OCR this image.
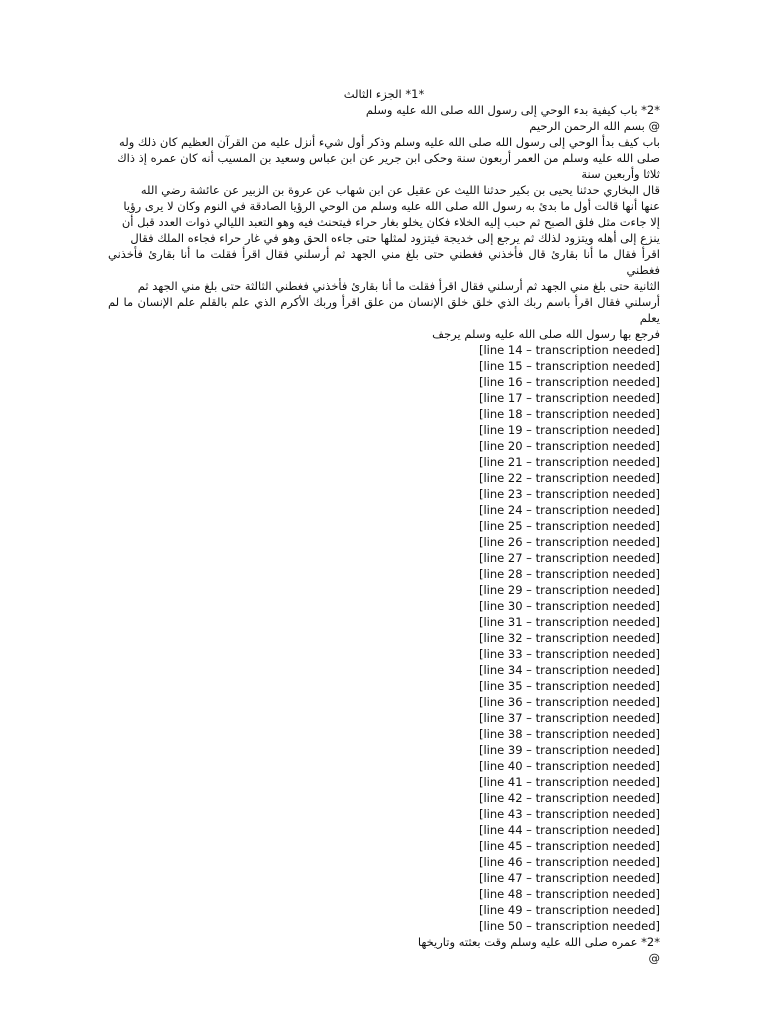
*1* الجزء الثالث
*2* باب كيفية بدء الوحي إلى رسول الله صلى الله عليه وسلم
@ بسم الله الرحمن الرحيم
باب كيف بدأ الوحي إلى رسول الله صلى الله عليه وسلم وذكر أول شيء أنزل عليه من القرآن العظيم كان ذلك وله
صلى الله عليه وسلم من العمر أربعون سنة وحكى ابن جرير عن ابن عباس وسعيد بن المسيب أنه كان عمره إذ ذاك
ثلاثا وأربعين سنة
قال البخاري حدثنا يحيى بن بكير حدثنا الليث عن عقيل عن ابن شهاب عن عروة بن الزبير عن عائشة رضي الله
عنها أنها قالت أول ما بدئ به رسول الله صلى الله عليه وسلم من الوحي الرؤيا الصادقة في النوم وكان لا يرى رؤيا
إلا جاءت مثل فلق الصبح ثم حبب إليه الخلاء فكان يخلو بغار حراء فيتحنث فيه وهو التعبد الليالي ذوات العدد قبل أن
ينزع إلى أهله ويتزود لذلك ثم يرجع إلى خديجة فيتزود لمثلها حتى جاءه الحق وهو في غار حراء فجاءه الملك فقال
اقرأ فقال ما أنا بقارئ قال فأخذني فغطني حتى بلغ مني الجهد ثم أرسلني فقال اقرأ فقلت ما أنا بقارئ فأخذني فغطني
الثانية حتى بلغ مني الجهد ثم أرسلني فقال اقرأ فقلت ما أنا بقارئ فأخذني فغطني الثالثة حتى بلغ مني الجهد ثم
أرسلني فقال اقرأ باسم ربك الذي خلق خلق الإنسان من علق اقرأ وربك الأكرم الذي علم بالقلم علم الإنسان ما لم يعلم
فرجع بها رسول الله صلى الله عليه وسلم يرجف
[line 14 – transcription needed]
[line 15 – transcription needed]
[line 16 – transcription needed]
[line 17 – transcription needed]
[line 18 – transcription needed]
[line 19 – transcription needed]
[line 20 – transcription needed]
[line 21 – transcription needed]
[line 22 – transcription needed]
[line 23 – transcription needed]
[line 24 – transcription needed]
[line 25 – transcription needed]
[line 26 – transcription needed]
[line 27 – transcription needed]
[line 28 – transcription needed]
[line 29 – transcription needed]
[line 30 – transcription needed]
[line 31 – transcription needed]
[line 32 – transcription needed]
[line 33 – transcription needed]
[line 34 – transcription needed]
[line 35 – transcription needed]
[line 36 – transcription needed]
[line 37 – transcription needed]
[line 38 – transcription needed]
[line 39 – transcription needed]
[line 40 – transcription needed]
[line 41 – transcription needed]
[line 42 – transcription needed]
[line 43 – transcription needed]
[line 44 – transcription needed]
[line 45 – transcription needed]
[line 46 – transcription needed]
[line 47 – transcription needed]
[line 48 – transcription needed]
[line 49 – transcription needed]
[line 50 – transcription needed]
*2* عمره صلى الله عليه وسلم وقت بعثته وتاريخها
@
